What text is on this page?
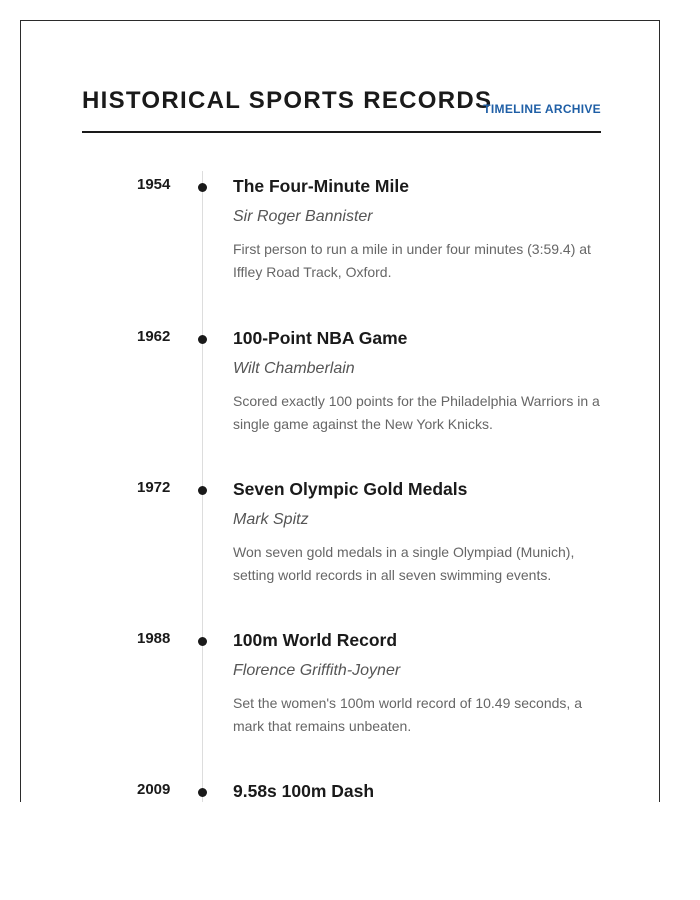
HISTORICAL SPORTS RECORDS
TIMELINE ARCHIVE
1954	The Four-Minute Mile
Sir Roger Bannister
First person to run a mile in under four minutes (3:59.4) at Iffley Road Track, Oxford.
1962	100-Point NBA Game
Wilt Chamberlain
Scored exactly 100 points for the Philadelphia Warriors in a single game against the New York Knicks.
1972	Seven Olympic Gold Medals
Mark Spitz
Won seven gold medals in a single Olympiad (Munich), setting world records in all seven swimming events.
1988	100m World Record
Florence Griffith-Joyner
Set the women's 100m world record of 10.49 seconds, a mark that remains unbeaten.
2009	9.58s 100m Dash
